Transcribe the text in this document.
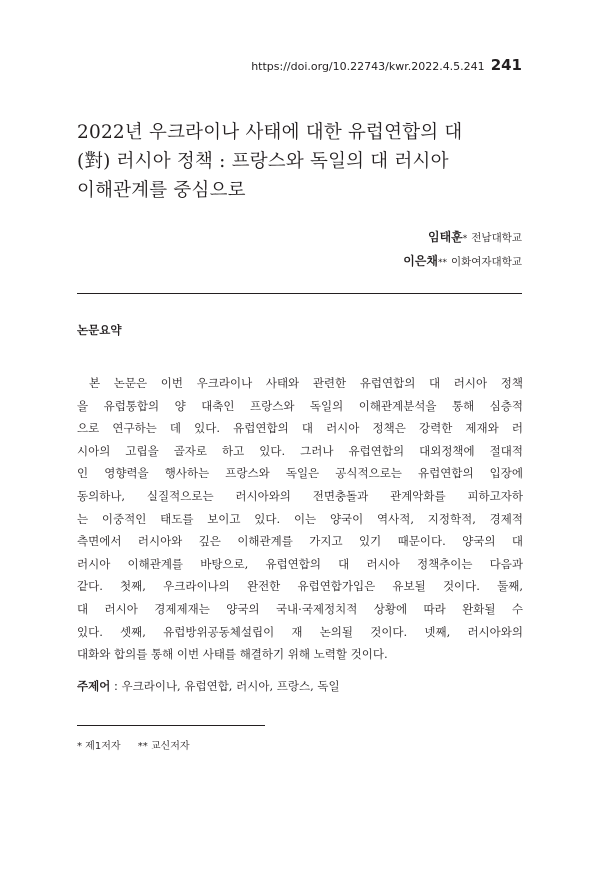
https://doi.org/10.22743/kwr.2022.4.5.241 241
2022년 우크라이나 사태에 대한 유럽연합의 대
(對) 러시아 정책 : 프랑스와 독일의 대 러시아
이해관계를 중심으로
임태훈* 전남대학교
이은채** 이화여자대학교
논문요약
본 논문은 이번 우크라이나 사태와 관련한 유럽연합의 대 러시아 정책
을 유럽통합의 양 대축인 프랑스와 독일의 이해관계분석을 통해 심층적
으로 연구하는 데 있다. 유럽연합의 대 러시아 정책은 강력한 제재와 러
시아의 고립을 골자로 하고 있다. 그러나 유럽연합의 대외정책에 절대적
인 영향력을 행사하는 프랑스와 독일은 공식적으로는 유럽연합의 입장에
동의하나, 실질적으로는 러시아와의 전면충돌과 관계악화를 피하고자하
는 이중적인 태도를 보이고 있다. 이는 양국이 역사적, 지정학적, 경제적
측면에서 러시아와 깊은 이해관계를 가지고 있기 때문이다. 양국의 대
러시아 이해관계를 바탕으로, 유럽연합의 대 러시아 정책추이는 다음과
같다. 첫째, 우크라이나의 완전한 유럽연합가입은 유보될 것이다. 둘째,
대 러시아 경제제재는 양국의 국내·국제정치적 상황에 따라 완화될 수
있다. 셋째, 유럽방위공동체설립이 재 논의될 것이다. 넷째, 러시아와의
대화와 합의를 통해 이번 사태를 해결하기 위해 노력할 것이다.
주제어 : 우크라이나, 유럽연합, 러시아, 프랑스, 독일
* 제1저자 ** 교신저자
